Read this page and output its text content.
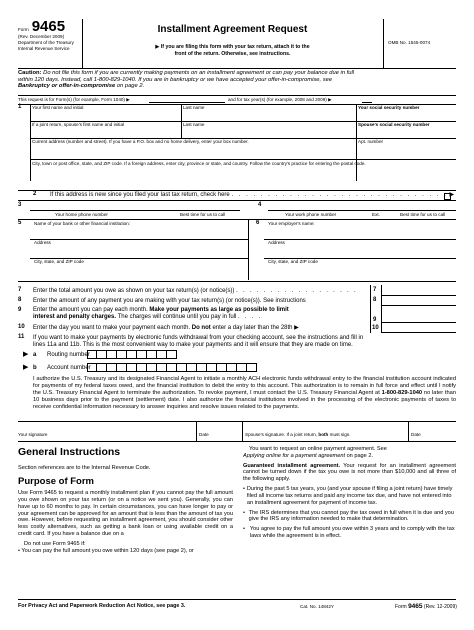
Form 9465
(Rev. December 2009)
Department of the Treasury
Internal Revenue Service
Installment Agreement Request
▶ If you are filing this form with your tax return, attach it to the
front of the return. Otherwise, see instructions.
OMB No. 1545-0074
Caution: Do not file this form if you are currently making payments on an installment agreement or can pay your balance due in full
within 120 days. Instead, call 1-800-829-1040. If you are in bankruptcy or we have accepted your offer-in-compromise, see
Bankruptcy or offer-in-compromise on page 2.
This request is for Form(s) (for example, Form 1040) ▶	and for tax year(s) (for example, 2008 and 2009) ▶
1 Your first name and initial	Last name	Your social security number
If a joint return, spouse's first name and initial	Last name	Spouse's social security number
Current address (number and street). If you have a P.O. box and no home delivery, enter your box number.	Apt. number
City, town or post office, state, and ZIP code. If a foreign address, enter city, province or state, and country. Follow the country's practice for entering the postal code.
2 If this address is new since you filed your last tax return, check here . . . . . . . . . . . . . . . . . . . . . . . . . . . . . . ▶
3
Your home phone number	Best time for us to call
4
Your work phone number	Ext.	Best time for us to call
5	Name of your bank or other financial institution:
Address
City, state, and ZIP code
6 Your employer's name:
Address
City, state, and ZIP code
7 Enter the total amount you owe as shown on your tax return(s) (or notice(s)) . . . . . . . . . . . . . . . . . .	7
8 Enter the amount of any payment you are making with your tax return(s) (or notice(s)). See instructions	8
9 Enter the amount you can pay each month. Make your payments as large as possible to limit
interest and penalty charges. The charges will continue until you pay in full . . . .	9
10 Enter the day you want to make your payment each month. Do not enter a day later than the 28th ▶	10
11 If you want to make your payments by electronic funds withdrawal from your checking account, see the instructions and fill in
lines 11a and 11b. This is the most convenient way to make your payments and it will ensure that they are made on time.
▶ a Routing number
▶ b Account number
I authorize the U.S. Treasury and its designated Financial Agent to initiate a monthly ACH electronic funds withdrawal entry to the financial institution account indicated for payments of my federal taxes owed, and the financial institution to debit the entry to this account. This authorization is to remain in full force and effect until I notify the U.S. Treasury Financial Agent to terminate the authorization. To revoke payment, I must contact the U.S. Treasury Financial Agent at 1-800-829-1040 no later than 10 business days prior to the payment (settlement) date. I also authorize the financial institutions involved in the processing of the electronic payments of taxes to receive confidential information necessary to answer inquiries and resolve issues related to the payments.
Your signature	Date	Spouse's signature. If a joint return, both must sign.	Date
General Instructions

Section references are to the Internal Revenue Code.

Purpose of Form

Use Form 9465 to request a monthly installment plan if you cannot pay the full amount you owe shown on your tax return (or on a notice we sent you). Generally, you can have up to 60 months to pay. In certain circumstances, you can have longer to pay or your agreement can be approved for an amount that is less than the amount of tax you owe. However, before requesting an installment agreement, you should consider other less costly alternatives, such as getting a bank loan or using available credit on a credit card. If you have a balance due on a

Do not use Form 9465 if:

• You can pay the full amount you owe within 120 days (see page 2), or

You want to request an online payment agreement. See

Applying online for a payment agreement on page 2.

Guaranteed installment agreement. Your request for an installment agreement cannot be turned down if the tax you owe is not more than $10,000 and all three of the following apply.

• During the past 5 tax years, you (and your spouse if filing a joint return) have timely filed all income tax returns and paid any income tax due, and have not entered into an installment agreement for payment of income tax.

• The IRS determines that you cannot pay the tax owed in full when it is due and you give the IRS any information needed to make that determination.

• You agree to pay the full amount you owe within 3 years and to comply with the tax laws while the agreement is in effect.

For Privacy Act and Paperwork Reduction Act Notice, see page 3.	Cat. No. 14842Y	Form 9465 (Rev. 12-2009)
